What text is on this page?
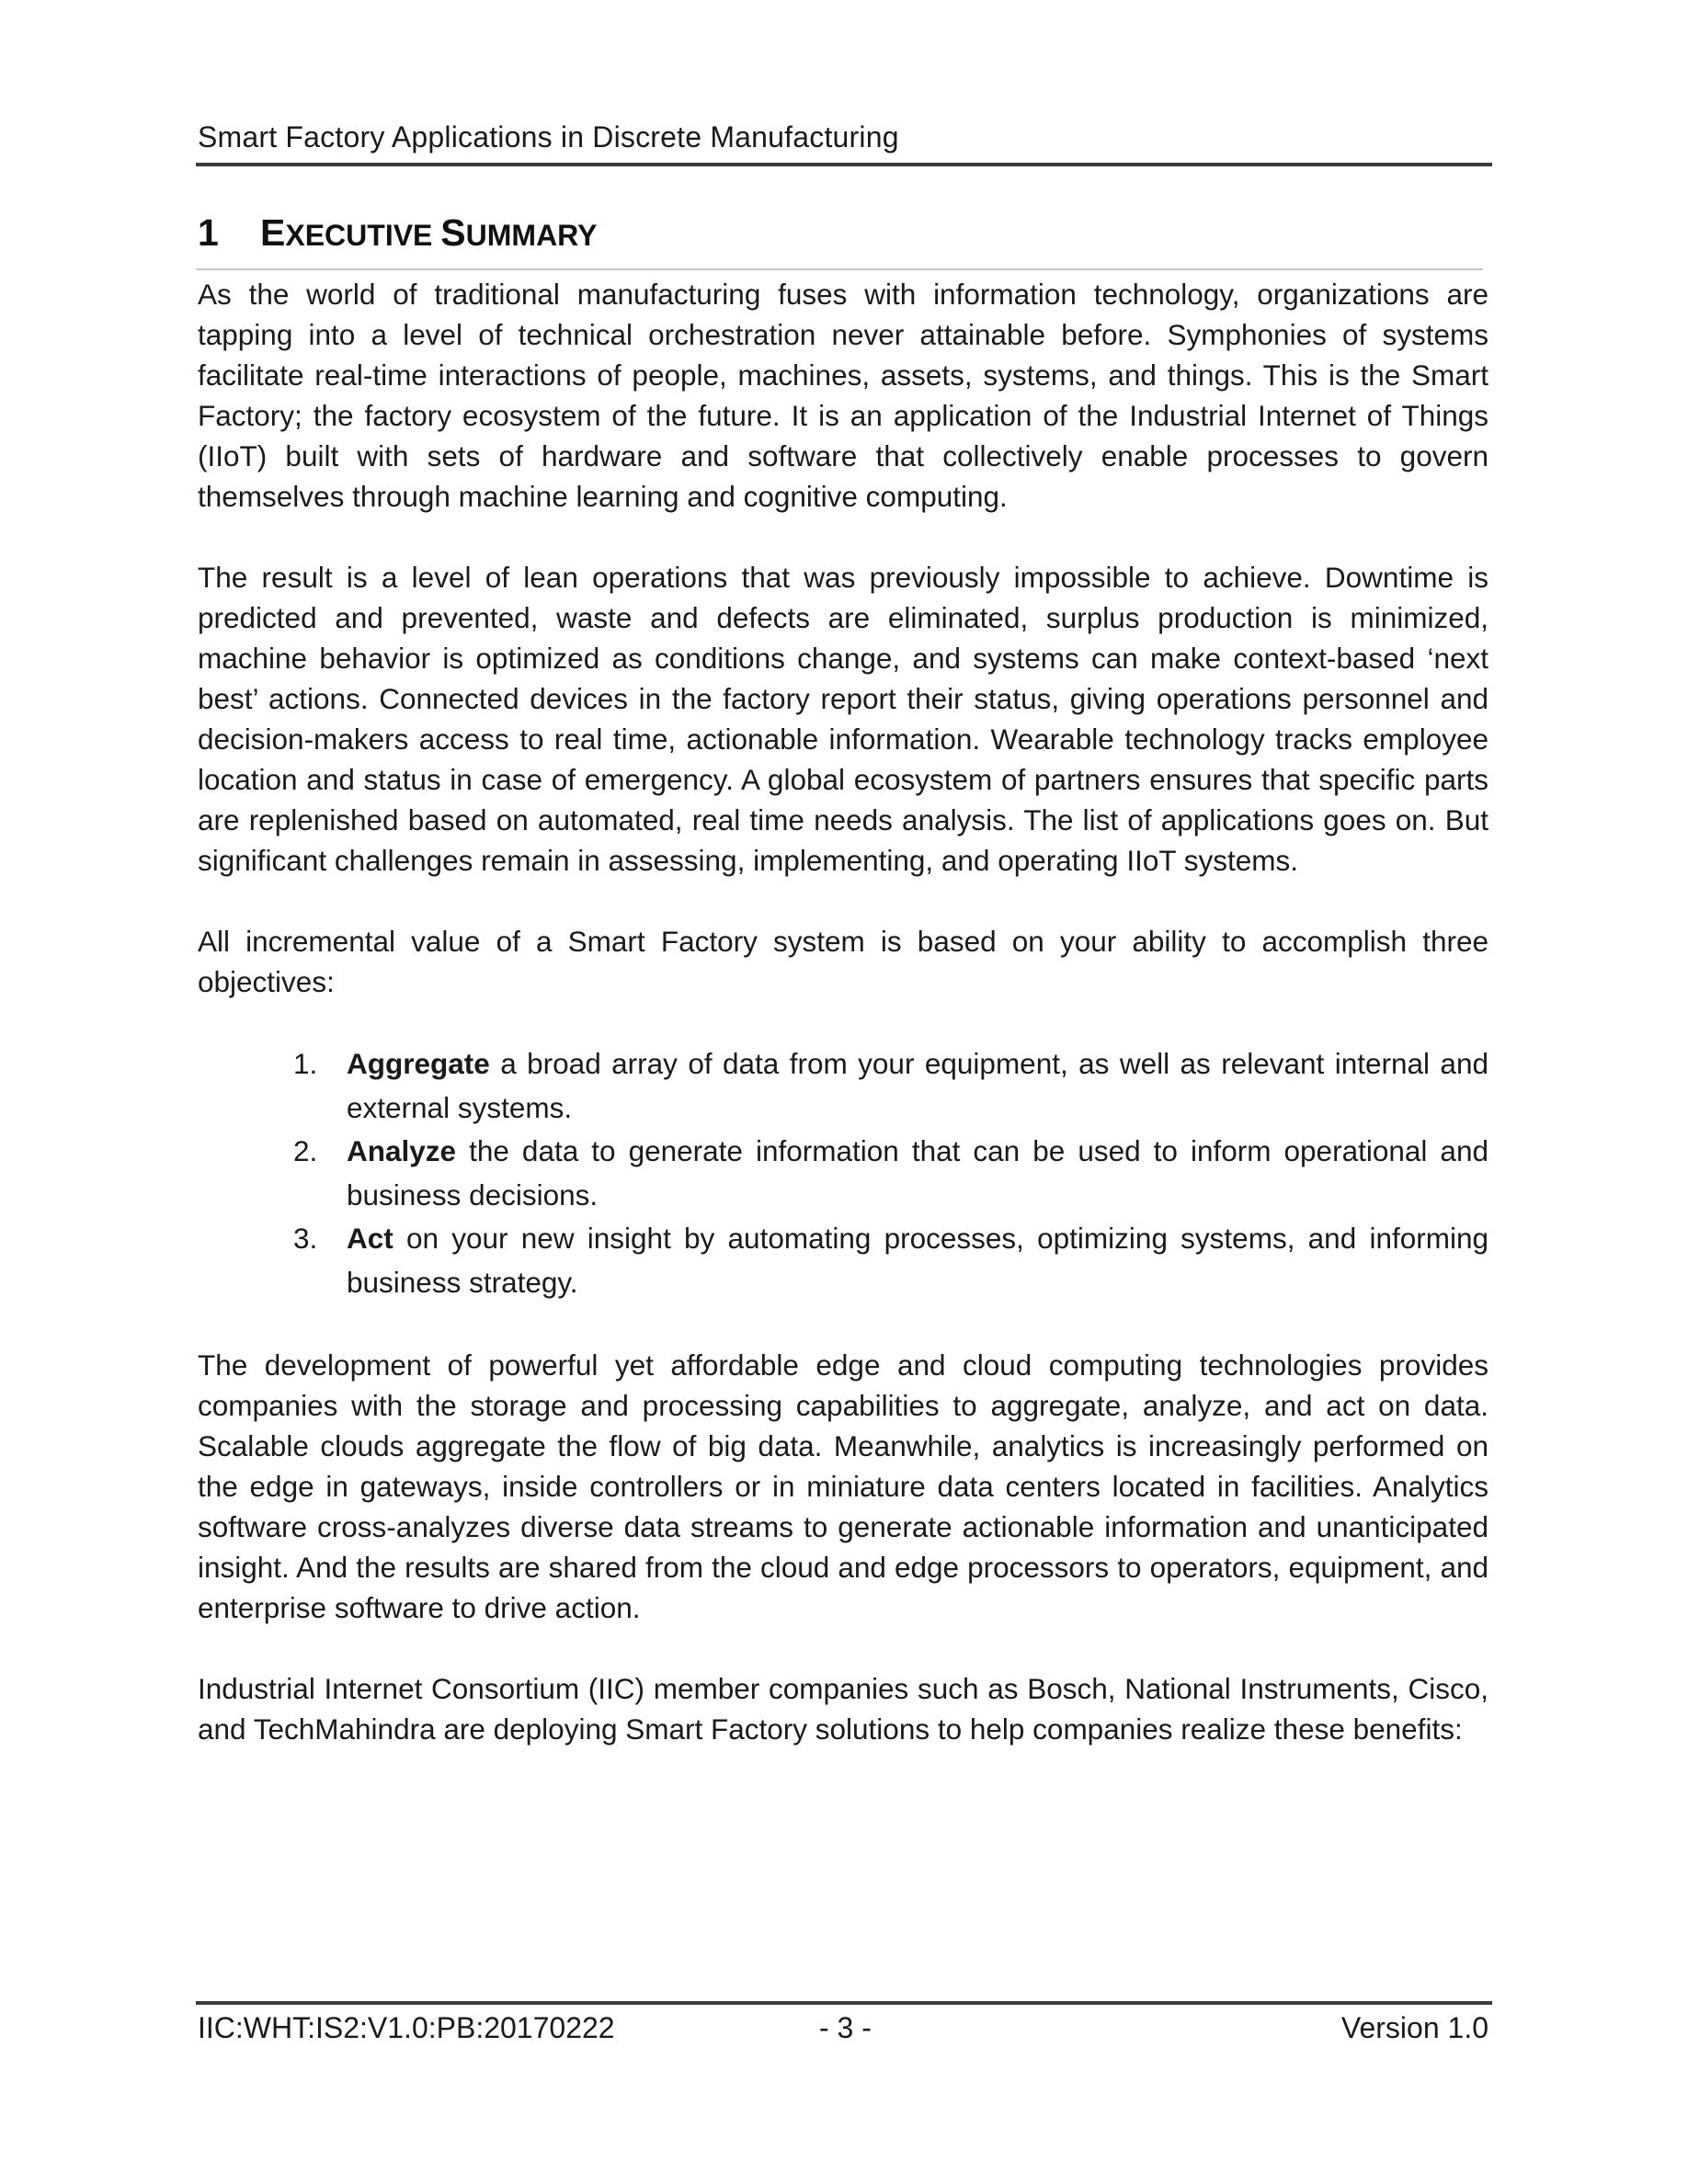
Smart Factory Applications in Discrete Manufacturing
1 EXECUTIVE SUMMARY

As the world of traditional manufacturing fuses with information technology, organizations are tapping into a level of technical orchestration never attainable before. Symphonies of systems facilitate real-time interactions of people, machines, assets, systems, and things. This is the Smart Factory; the factory ecosystem of the future. It is an application of the Industrial Internet of Things (IIoT) built with sets of hardware and software that collectively enable processes to govern themselves through machine learning and cognitive computing.

The result is a level of lean operations that was previously impossible to achieve. Downtime is predicted and prevented, waste and defects are eliminated, surplus production is minimized, machine behavior is optimized as conditions change, and systems can make context-based ‘next best’ actions. Connected devices in the factory report their status, giving operations personnel and decision-makers access to real time, actionable information. Wearable technology tracks employee location and status in case of emergency. A global ecosystem of partners ensures that specific parts are replenished based on automated, real time needs analysis. The list of applications goes on. But significant challenges remain in assessing, implementing, and operating IIoT systems.

All incremental value of a Smart Factory system is based on your ability to accomplish three objectives:

1. Aggregate a broad array of data from your equipment, as well as relevant internal and external systems.
2. Analyze the data to generate information that can be used to inform operational and business decisions.
3. Act on your new insight by automating processes, optimizing systems, and informing business strategy.

The development of powerful yet affordable edge and cloud computing technologies provides companies with the storage and processing capabilities to aggregate, analyze, and act on data. Scalable clouds aggregate the flow of big data. Meanwhile, analytics is increasingly performed on the edge in gateways, inside controllers or in miniature data centers located in facilities. Analytics software cross-analyzes diverse data streams to generate actionable information and unanticipated insight. And the results are shared from the cloud and edge processors to operators, equipment, and enterprise software to drive action.

Industrial Internet Consortium (IIC) member companies such as Bosch, National Instruments, Cisco, and TechMahindra are deploying Smart Factory solutions to help companies realize these benefits:

IIC:WHT:IS2:V1.0:PB:20170222	- 3 -	Version 1.0
